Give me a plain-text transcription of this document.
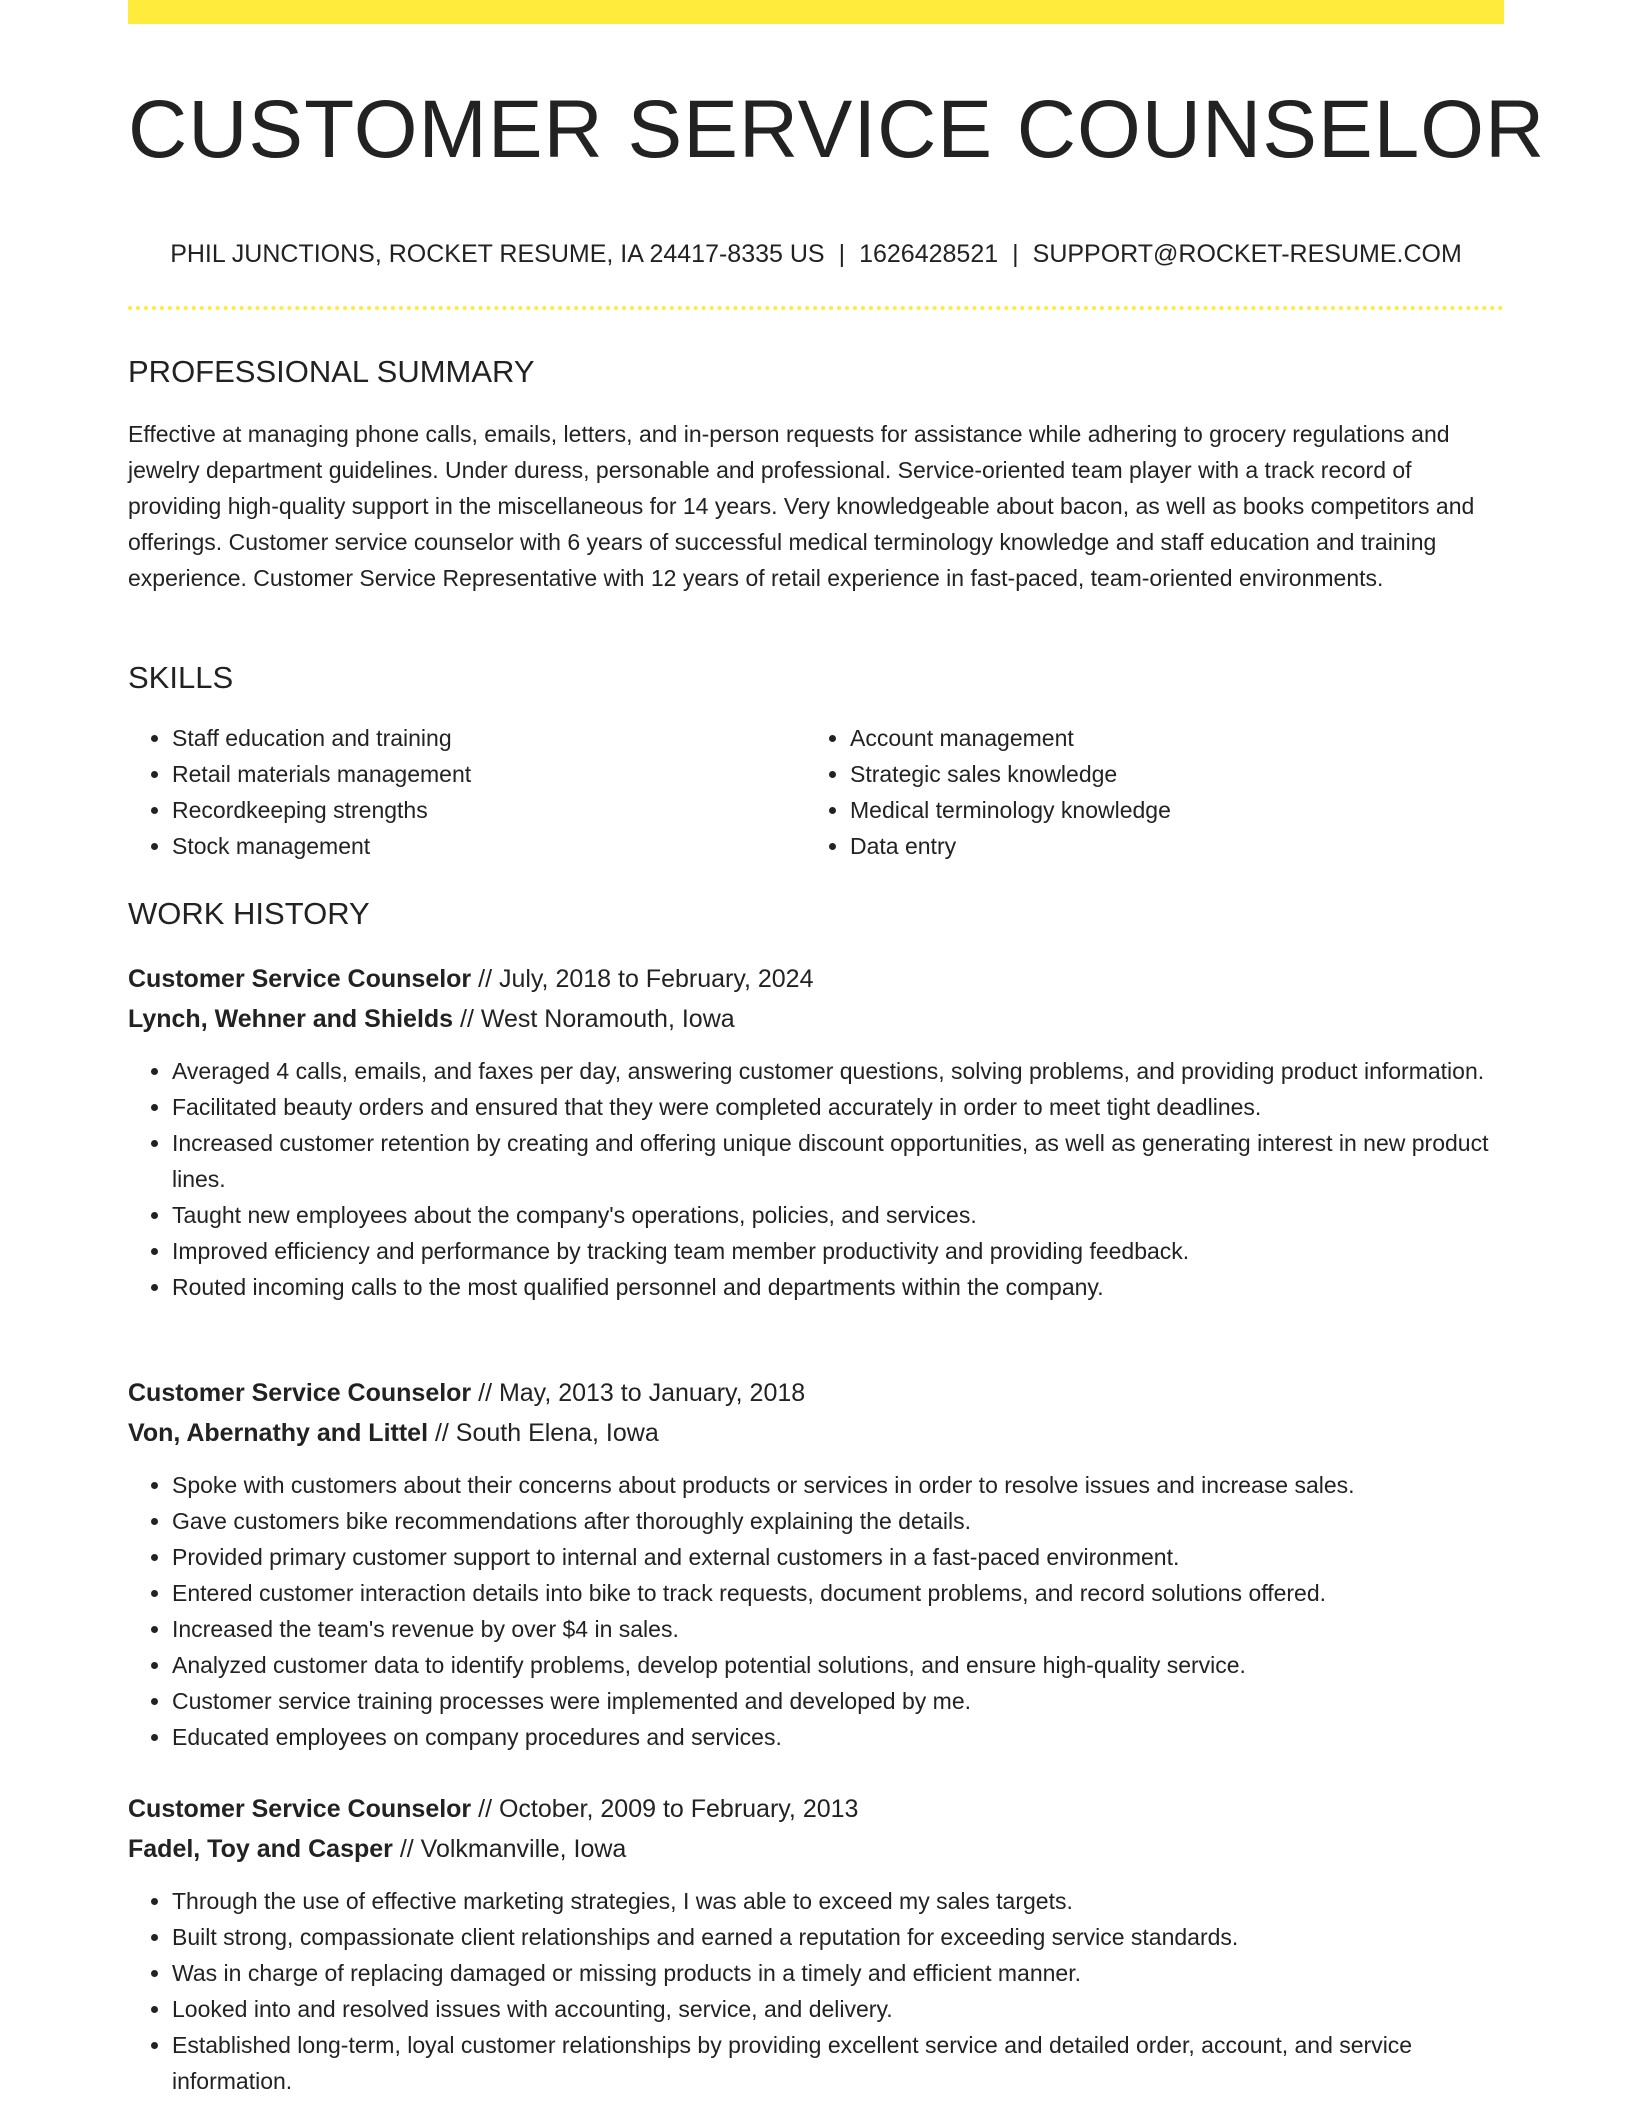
CUSTOMER SERVICE COUNSELOR
PHIL JUNCTIONS, ROCKET RESUME, IA 24417-8335 US | 1626428521 | SUPPORT@ROCKET-RESUME.COM
PROFESSIONAL SUMMARY

Effective at managing phone calls, emails, letters, and in-person requests for assistance while adhering to grocery regulations and jewelry department guidelines. Under duress, personable and professional. Service-oriented team player with a track record of providing high-quality support in the miscellaneous for 14 years. Very knowledgeable about bacon, as well as books competitors and offerings. Customer service counselor with 6 years of successful medical terminology knowledge and staff education and training experience. Customer Service Representative with 12 years of retail experience in fast-paced, team-oriented environments.

SKILLS
• Staff education and training
• Retail materials management
• Recordkeeping strengths
• Stock management
• Account management
• Strategic sales knowledge
• Medical terminology knowledge
• Data entry
WORK HISTORY
Customer Service Counselor // July, 2018 to February, 2024
Lynch, Wehner and Shields // West Noramouth, Iowa
• Averaged 4 calls, emails, and faxes per day, answering customer questions, solving problems, and providing product information.
• Facilitated beauty orders and ensured that they were completed accurately in order to meet tight deadlines.
• Increased customer retention by creating and offering unique discount opportunities, as well as generating interest in new product lines.
• Taught new employees about the company's operations, policies, and services.
• Improved efficiency and performance by tracking team member productivity and providing feedback.
• Routed incoming calls to the most qualified personnel and departments within the company.
Customer Service Counselor // May, 2013 to January, 2018
Von, Abernathy and Littel // South Elena, Iowa
• Spoke with customers about their concerns about products or services in order to resolve issues and increase sales.
• Gave customers bike recommendations after thoroughly explaining the details.
• Provided primary customer support to internal and external customers in a fast-paced environment.
• Entered customer interaction details into bike to track requests, document problems, and record solutions offered.
• Increased the team's revenue by over $4 in sales.
• Analyzed customer data to identify problems, develop potential solutions, and ensure high-quality service.
• Customer service training processes were implemented and developed by me.
• Educated employees on company procedures and services.
Customer Service Counselor // October, 2009 to February, 2013
Fadel, Toy and Casper // Volkmanville, Iowa
• Through the use of effective marketing strategies, I was able to exceed my sales targets.
• Built strong, compassionate client relationships and earned a reputation for exceeding service standards.
• Was in charge of replacing damaged or missing products in a timely and efficient manner.
• Looked into and resolved issues with accounting, service, and delivery.
• Established long-term, loyal customer relationships by providing excellent service and detailed order, account, and service information.
